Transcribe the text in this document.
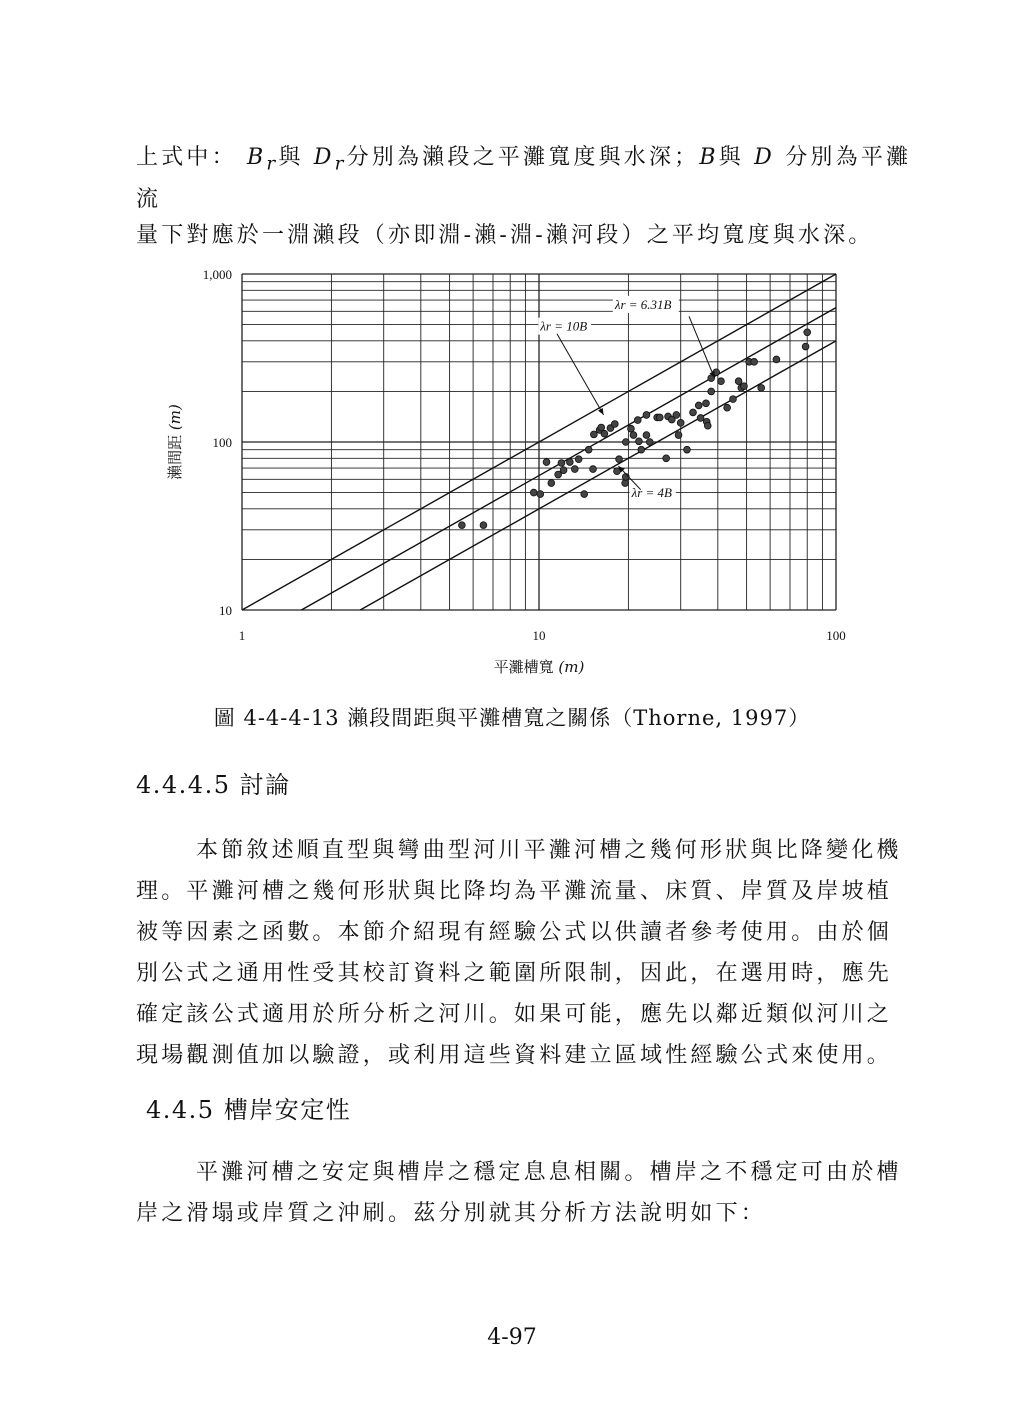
上式中： $B_r$與 $D_r$分別為瀨段之平灘寬度與水深；B與 D 分別為平灘流

量下對應於一淵瀨段（亦即淵-瀨-淵-瀨河段）之平均寬度與水深。

1	10	100
10
100
1,000
平灘槽寬 (m)
瀨間距 (m)
λr = 6.31B
λr = 10B
λr = 4B
圖 4-4-4-13 瀨段間距與平灘槽寬之關係（Thorne, 1997）
4.4.4.5 討論

本節敘述順直型與彎曲型河川平灘河槽之幾何形狀與比降變化機

理。平灘河槽之幾何形狀與比降均為平灘流量、床質、岸質及岸坡植

被等因素之函數。本節介紹現有經驗公式以供讀者參考使用。由於個

別公式之通用性受其校訂資料之範圍所限制，因此，在選用時，應先

確定該公式適用於所分析之河川。如果可能，應先以鄰近類似河川之

現場觀測值加以驗證，或利用這些資料建立區域性經驗公式來使用。

4.4.5 槽岸安定性

平灘河槽之安定與槽岸之穩定息息相關。槽岸之不穩定可由於槽

岸之滑塌或岸質之沖刷。茲分別就其分析方法說明如下：

4-97
